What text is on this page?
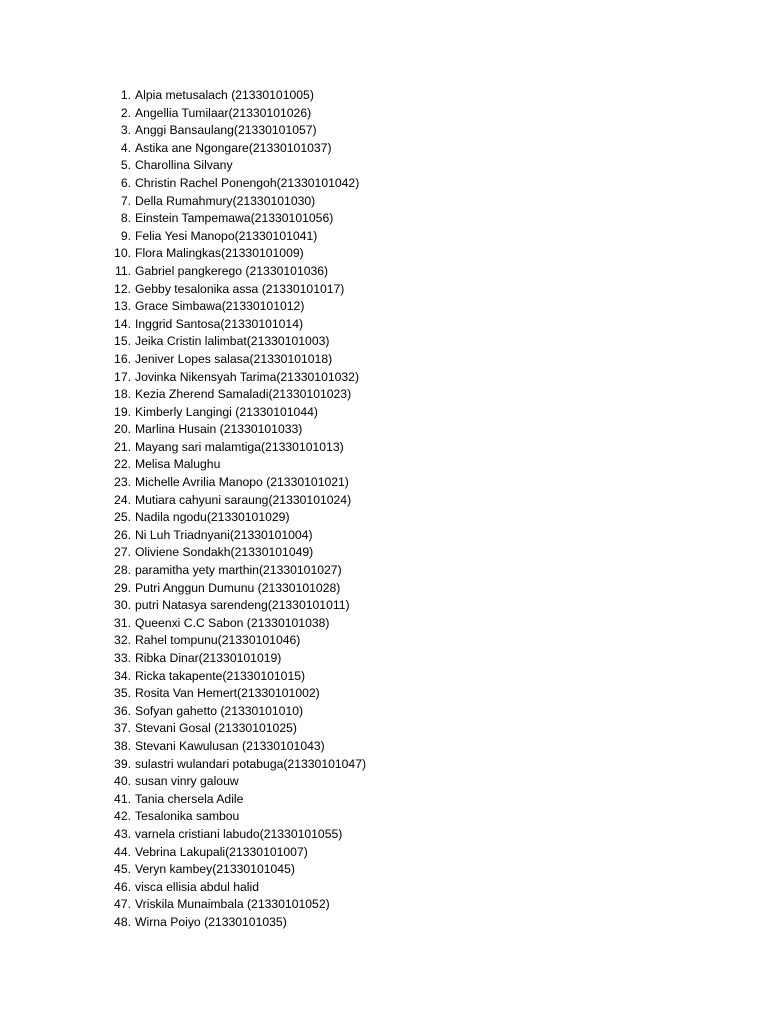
1. Alpia metusalach (21330101005)
2. Angellia Tumilaar(21330101026)
3. Anggi Bansaulang(21330101057)
4. Astika ane Ngongare(21330101037)
5. Charollina Silvany
6. Christin Rachel Ponengoh(21330101042)
7. Della Rumahmury(21330101030)
8. Einstein Tampemawa(21330101056)
9. Felia Yesi Manopo(21330101041)
10. Flora Malingkas(21330101009)
11. Gabriel pangkerego (21330101036)
12. Gebby tesalonika assa (21330101017)
13. Grace Simbawa(21330101012)
14. Inggrid Santosa(21330101014)
15. Jeika Cristin lalimbat(21330101003)
16. Jeniver Lopes salasa(21330101018)
17. Jovinka Nikensyah Tarima(21330101032)
18. Kezia Zherend Samaladi(21330101023)
19. Kimberly Langingi (21330101044)
20. Marlina Husain (21330101033)
21. Mayang sari malamtiga(21330101013)
22. Melisa Malughu
23. Michelle Avrilia Manopo (21330101021)
24. Mutiara cahyuni saraung(21330101024)
25. Nadila ngodu(21330101029)
26. Ni Luh Triadnyani(21330101004)
27. Oliviene Sondakh(21330101049)
28. paramitha yety marthin(21330101027)
29. Putri Anggun Dumunu (21330101028)
30. putri Natasya sarendeng(21330101011)
31. Queenxi C.C Sabon (21330101038)
32. Rahel tompunu(21330101046)
33. Ribka Dinar(21330101019)
34. Ricka takapente(21330101015)
35. Rosita Van Hemert(21330101002)
36. Sofyan gahetto (21330101010)
37. Stevani Gosal (21330101025)
38. Stevani Kawulusan (21330101043)
39. sulastri wulandari potabuga(21330101047)
40. susan vinry galouw
41. Tania chersela Adile
42. Tesalonika sambou
43. varnela cristiani labudo(21330101055)
44. Vebrina Lakupali(21330101007)
45. Veryn kambey(21330101045)
46. visca ellisia abdul halid
47. Vriskila Munaimbala (21330101052)
48. Wirna Poiyo (21330101035)
